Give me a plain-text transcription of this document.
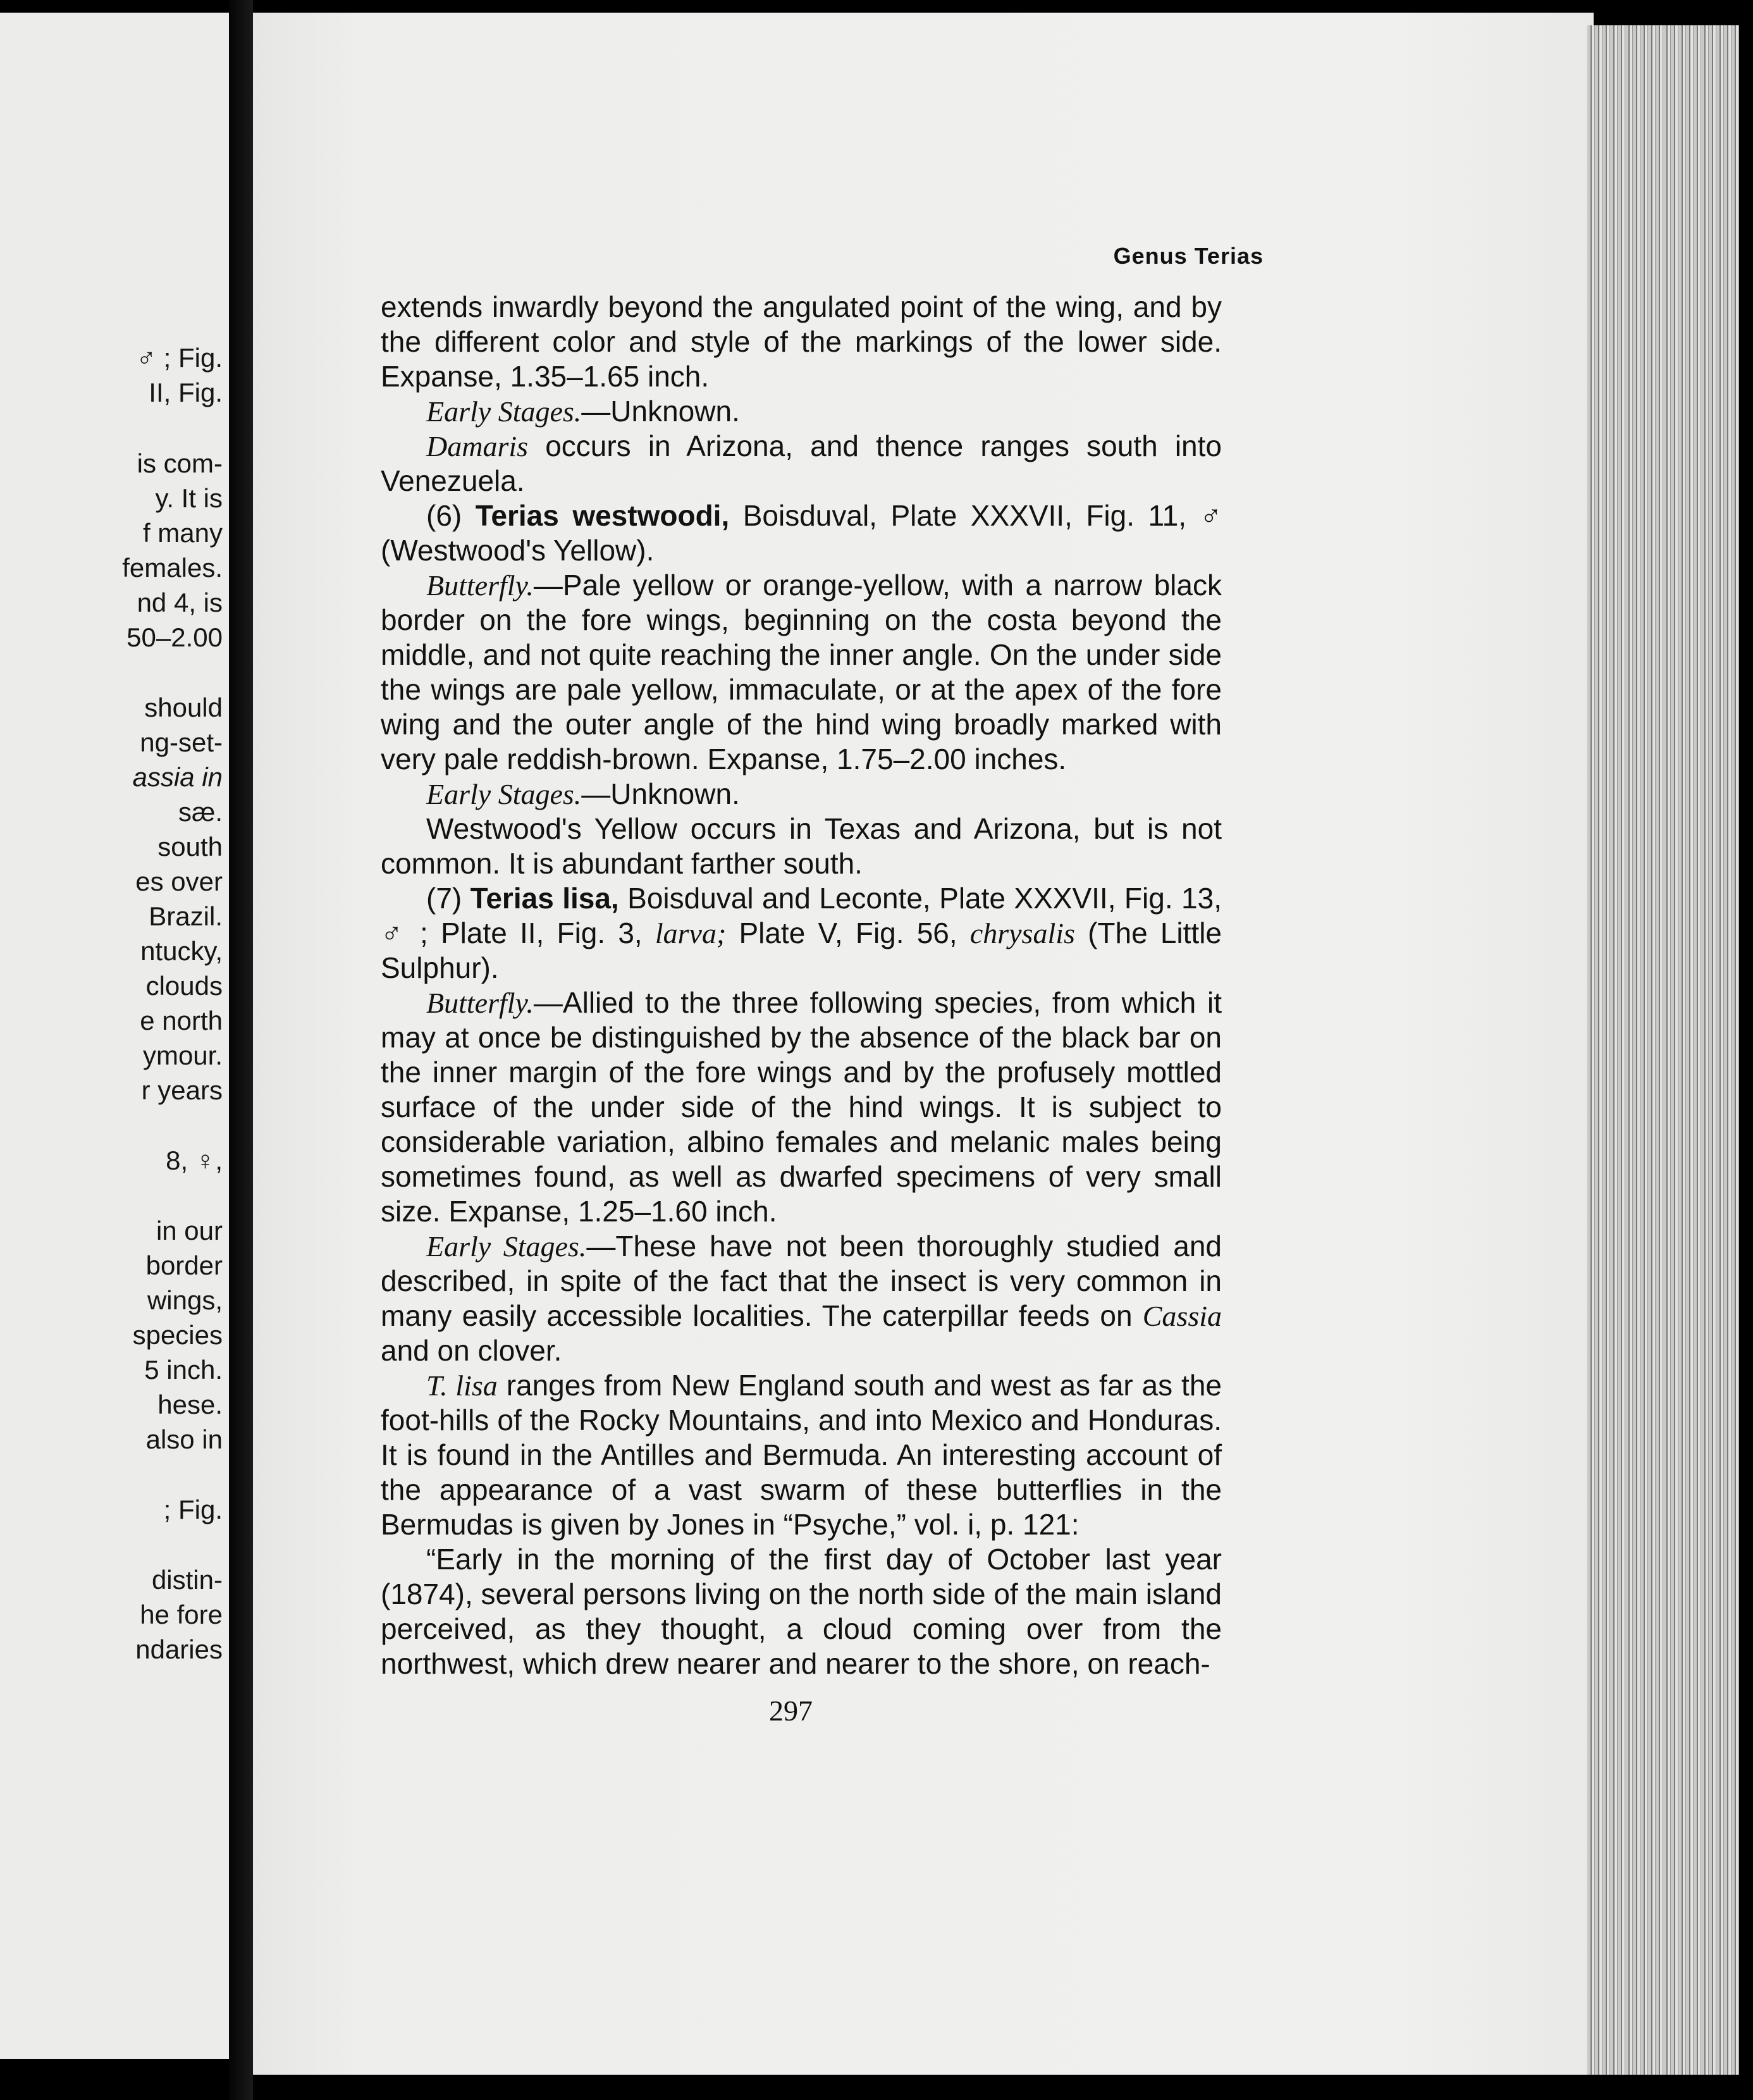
♂ ; Fig.
II, Fig.
is com-
y. It is
f many
females.
nd 4, is
50–2.00
should
ng-set-
assia in
sæ.
south
es over
Brazil.
ntucky,
clouds
e north
ymour.
r years
8, ♀,
in our
border
wings,
species
5 inch.
hese.
also in
; Fig.
distin-
he fore
ndaries
Genus Terias

extends inwardly beyond the angulated point of the wing, and by the different color and style of the markings of the lower side. Expanse, 1.35–1.65 inch.

Early Stages.—Unknown.

Damaris occurs in Arizona, and thence ranges south into Venezuela.

(6) Terias westwoodi, Boisduval, Plate XXXVII, Fig. 11, ♂ (Westwood's Yellow).

Butterfly.—Pale yellow or orange-yellow, with a narrow black border on the fore wings, beginning on the costa beyond the middle, and not quite reaching the inner angle. On the under side the wings are pale yellow, immaculate, or at the apex of the fore wing and the outer angle of the hind wing broadly marked with very pale reddish-brown. Expanse, 1.75–2.00 inches.

Early Stages.—Unknown.

Westwood's Yellow occurs in Texas and Arizona, but is not common. It is abundant farther south.

(7) Terias lisa, Boisduval and Leconte, Plate XXXVII, Fig. 13, ♂ ; Plate II, Fig. 3, larva; Plate V, Fig. 56, chrysalis (The Little Sulphur).

Butterfly.—Allied to the three following species, from which it may at once be distinguished by the absence of the black bar on the inner margin of the fore wings and by the profusely mottled surface of the under side of the hind wings. It is subject to considerable variation, albino females and melanic males being sometimes found, as well as dwarfed specimens of very small size. Expanse, 1.25–1.60 inch.

Early Stages.—These have not been thoroughly studied and described, in spite of the fact that the insect is very common in many easily accessible localities. The caterpillar feeds on Cassia and on clover.

T. lisa ranges from New England south and west as far as the foot-hills of the Rocky Mountains, and into Mexico and Honduras. It is found in the Antilles and Bermuda. An interesting account of the appearance of a vast swarm of these butterflies in the Bermudas is given by Jones in “Psyche,” vol. i, p. 121:

“Early in the morning of the first day of October last year (1874), several persons living on the north side of the main island perceived, as they thought, a cloud coming over from the northwest, which drew nearer and nearer to the shore, on reach-

297
